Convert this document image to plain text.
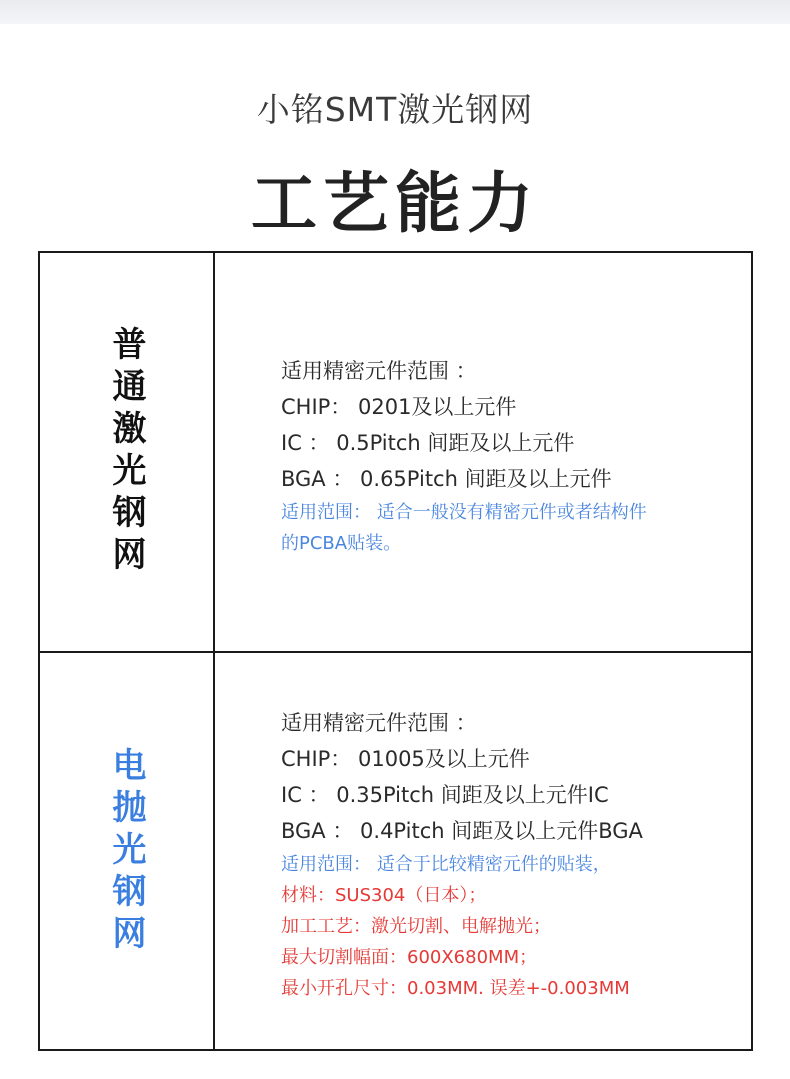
小铭SMT激光钢网
工艺能力
普通激光钢网	适用精密元件范围 ：
CHIP： 0201及以上元件
IC ： 0.5Pitch 间距及以上元件
BGA ： 0.65Pitch 间距及以上元件
适用范围： 适合一般没有精密元件或者结构件
的PCBA贴装。
电抛光钢网
适用精密元件范围 ：
CHIP： 01005及以上元件
IC ： 0.35Pitch 间距及以上元件IC
BGA ： 0.4Pitch 间距及以上元件BGA
适用范围： 适合于比较精密元件的贴装，
材料：SUS304（日本）；
加工工艺：激光切割、电解抛光；
最大切割幅面：600X680MM；
最小开孔尺寸：0.03MM. 误差+-0.003MM
